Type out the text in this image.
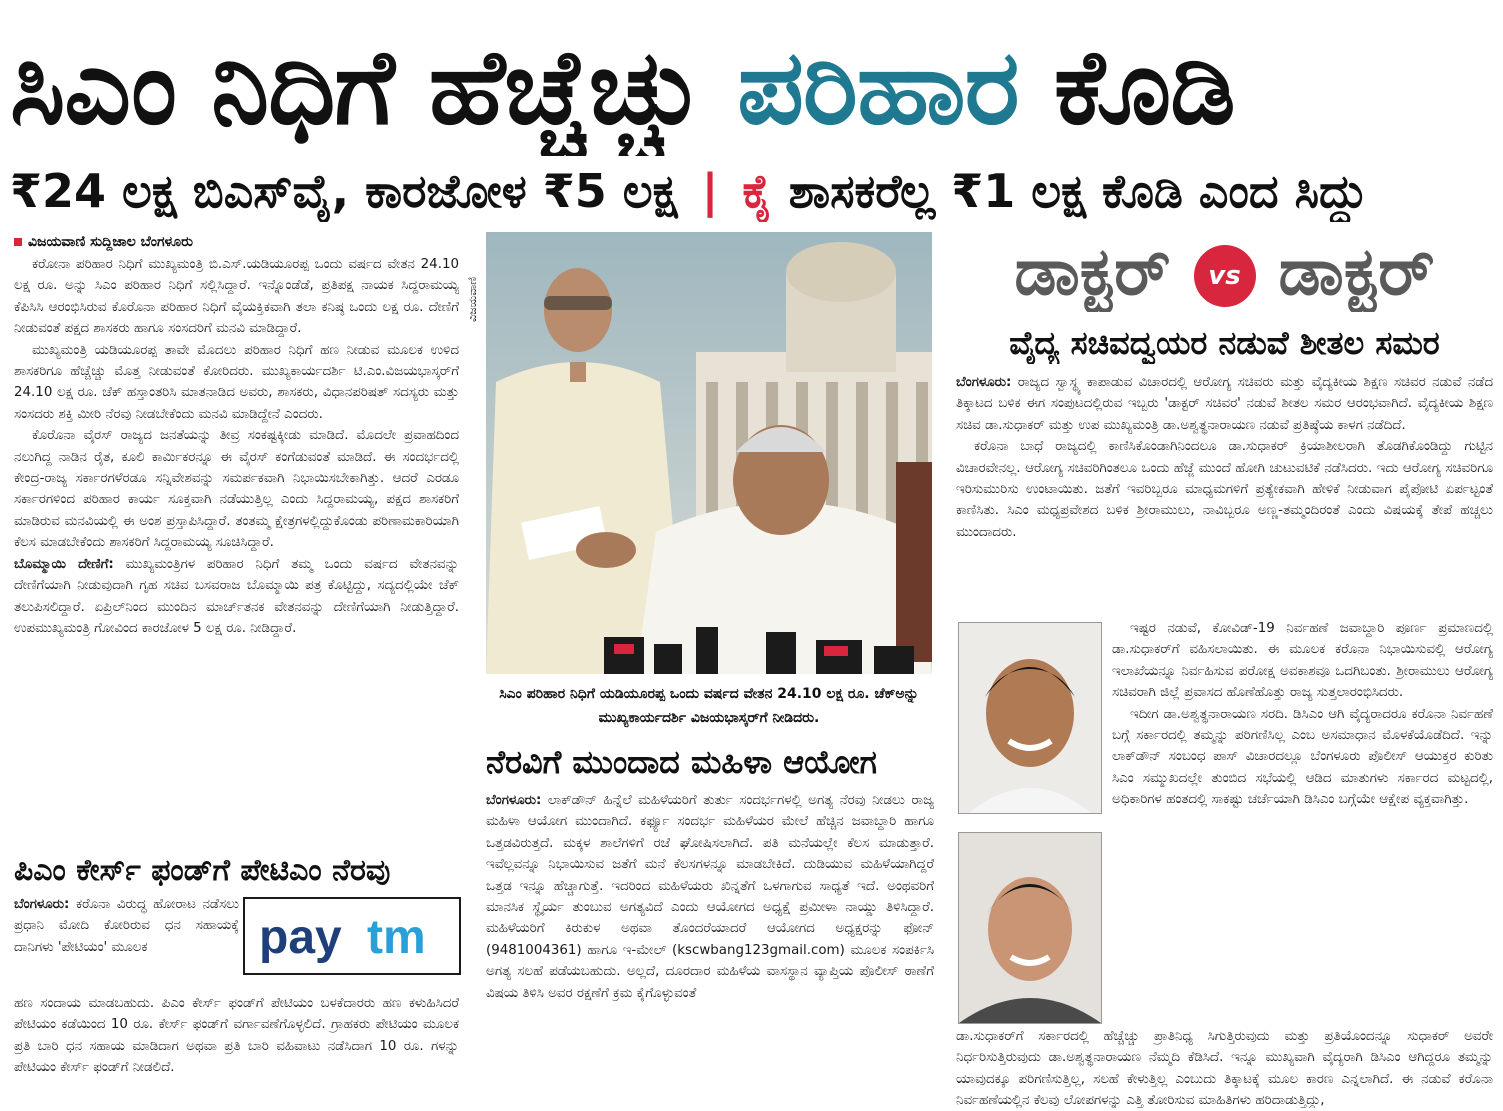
ಸಿಎಂ ನಿಧಿಗೆ ಹೆಚ್ಚೆಚ್ಚು ಪರಿಹಾರ ಕೊಡಿ
₹24 ಲಕ್ಷ ಬಿಎಸ್‌ವೈ, ಕಾರಜೋಳ ₹5 ಲಕ್ಷ | ಕೈ ಶಾಸಕರೆಲ್ಲ ₹1 ಲಕ್ಷ ಕೊಡಿ ಎಂದ ಸಿದ್ದು
ವಿಜಯವಾಣಿ ಸುದ್ದಿಜಾಲ ಬೆಂಗಳೂರು

ಕರೋನಾ ಪರಿಹಾರ ನಿಧಿಗೆ ಮುಖ್ಯಮಂತ್ರಿ ಬಿ.ಎಸ್.ಯಡಿಯೂರಪ್ಪ ಒಂದು ವರ್ಷದ ವೇತನ 24.10 ಲಕ್ಷ ರೂ. ಅನ್ನು ಸಿಎಂ ಪರಿಹಾರ ನಿಧಿಗೆ ಸಲ್ಲಿಸಿದ್ದಾರೆ. ಇನ್ನೊಂಡೆಡೆ, ಪ್ರತಿಪಕ್ಷ ನಾಯಕ ಸಿದ್ದರಾಮಯ್ಯ ಕೆಪಿಸಿಸಿ ಆರಂಭಿಸಿರುವ ಕೊರೊನಾ ಪರಿಹಾರ ನಿಧಿಗೆ ವೈಯಕ್ತಿಕವಾಗಿ ತಲಾ ಕನಿಷ್ಠ ಒಂದು ಲಕ್ಷ ರೂ. ದೇಣಿಗೆ ನೀಡುವಂತೆ ಪಕ್ಷದ ಶಾಸಕರು ಹಾಗೂ ಸಂಸದರಿಗೆ ಮನವಿ ಮಾಡಿದ್ದಾರೆ.

ಮುಖ್ಯಮಂತ್ರಿ ಯಡಿಯೂರಪ್ಪ ತಾವೇ ಮೊದಲು ಪರಿಹಾರ ನಿಧಿಗೆ ಹಣ ನೀಡುವ ಮೂಲಕ ಉಳಿದ ಶಾಸಕರಿಗೂ ಹೆಚ್ಚೆಚ್ಚು ಮೊತ್ತ ನೀಡುವಂತೆ ಕೋರಿದರು. ಮುಖ್ಯಕಾರ್ಯದರ್ಶಿ ಟಿ.ಎಂ.ವಿಜಯಭಾಸ್ಕರ್‌ಗೆ 24.10 ಲಕ್ಷ ರೂ. ಚೆಕ್ ಹಸ್ತಾಂತರಿಸಿ ಮಾತನಾಡಿದ ಅವರು, ಶಾಸಕರು, ವಿಧಾನಪರಿಷತ್ ಸದಸ್ಯರು ಮತ್ತು ಸಂಸದರು ಶಕ್ತಿ ಮೀರಿ ನೆರವು ನೀಡಬೇಕೆಂದು ಮನವಿ ಮಾಡಿದ್ದೇನೆ ಎಂದರು.

ಕೊರೊನಾ ವೈರಸ್ ರಾಜ್ಯದ ಜನತೆಯನ್ನು ತೀವ್ರ ಸಂಕಷ್ಟಕ್ಕೀಡು ಮಾಡಿದೆ. ಮೊದಲೇ ಪ್ರವಾಹದಿಂದ ನಲುಗಿದ್ದ ನಾಡಿನ ರೈತ, ಕೂಲಿ ಕಾರ್ಮಿಕರನ್ನೂ ಈ ವೈರಸ್ ಕಂಗೆಡುವಂತೆ ಮಾಡಿದೆ. ಈ ಸಂದರ್ಭದಲ್ಲಿ ಕೇಂದ್ರ-ರಾಜ್ಯ ಸರ್ಕಾರಗಳೆರಡೂ ಸನ್ನಿವೇಶವನ್ನು ಸಮರ್ಪಕವಾಗಿ ನಿಭಾಯಿಸಬೇಕಾಗಿತ್ತು. ಆದರೆ ಎರಡೂ ಸರ್ಕಾರಗಳಿಂದ ಪರಿಹಾರ ಕಾರ್ಯ ಸೂಕ್ತವಾಗಿ ನಡೆಯುತ್ತಿಲ್ಲ ಎಂದು ಸಿದ್ದರಾಮಯ್ಯ, ಪಕ್ಷದ ಶಾಸಕರಿಗೆ ಮಾಡಿರುವ ಮನವಿಯಲ್ಲಿ ಈ ಅಂಶ ಪ್ರಸ್ತಾಪಿಸಿದ್ದಾರೆ. ತಂತಮ್ಮ ಕ್ಷೇತ್ರಗಳಲ್ಲಿದ್ದುಕೊಂಡು ಪರಿಣಾಮಕಾರಿಯಾಗಿ ಕೆಲಸ ಮಾಡಬೇಕೆಂದು ಶಾಸಕರಿಗೆ ಸಿದ್ದರಾಮಯ್ಯ ಸೂಚಿಸಿದ್ದಾರೆ.

ಬೊಮ್ಮಾಯಿ ದೇಣಿಗೆ: ಮುಖ್ಯಮಂತ್ರಿಗಳ ಪರಿಹಾರ ನಿಧಿಗೆ ತಮ್ಮ ಒಂದು ವರ್ಷದ ವೇತನವನ್ನು ದೇಣಿಗೆಯಾಗಿ ನೀಡುವುದಾಗಿ ಗೃಹ ಸಚಿವ ಬಸವರಾಜ ಬೊಮ್ಮಾಯಿ ಪತ್ರ ಕೊಟ್ಟಿದ್ದು, ಸದ್ಯದಲ್ಲಿಯೇ ಚೆಕ್ ತಲುಪಿಸಲಿದ್ದಾರೆ. ಏಪ್ರಿಲ್‌ನಿಂದ ಮುಂದಿನ ಮಾರ್ಚ್‌ತನಕ ವೇತನವನ್ನು ದೇಣಿಗೆಯಾಗಿ ನೀಡುತ್ತಿದ್ದಾರೆ. ಉಪಮುಖ್ಯಮಂತ್ರಿ ಗೋವಿಂದ ಕಾರಜೋಳ 5 ಲಕ್ಷ ರೂ. ನೀಡಿದ್ದಾರೆ.

ಪಿಎಂ ಕೇರ್ಸ್ ಫಂಡ್‌ಗೆ ಪೇಟಿಎಂ ನೆರವು

ಬೆಂಗಳೂರು: ಕರೊನಾ ವಿರುದ್ಧ ಹೋರಾಟ ನಡೆಸಲು ಪ್ರಧಾನಿ ಮೋದಿ ಕೋರಿರುವ ಧನ ಸಹಾಯಕ್ಕೆ ದಾನಿಗಳು 'ಪೇಟಿಯಂ' ಮೂಲಕ	pay tm

ಹಣ ಸಂದಾಯ ಮಾಡಬಹುದು. ಪಿಎಂ ಕೇರ್ಸ್ ಫಂಡ್‌ಗೆ ಪೇಟಿಯಂ ಬಳಕೆದಾರರು ಹಣ ಕಳುಹಿಸಿದರೆ ಪೇಟಿಯಂ ಕಡೆಯಿಂದ 10 ರೂ. ಕೇರ್ಸ್ ಫಂಡ್‌ಗೆ ವರ್ಗಾವಣೆಗೊಳ್ಳಲಿದೆ. ಗ್ರಾಹಕರು ಪೇಟಿಯಂ ಮೂಲಕ ಪ್ರತಿ ಬಾರಿ ಧನ ಸಹಾಯ ಮಾಡಿದಾಗ ಅಥವಾ ಪ್ರತಿ ಬಾರಿ ವಹಿವಾಟು ನಡೆಸಿದಾಗ 10 ರೂ. ಗಳನ್ನು ಪೇಟಿಯಂ ಕೇರ್ಸ್ ಫಂಡ್‌ಗೆ ನೀಡಲಿದೆ.

ವಿಜಯವಾಣಿ
ಸಿಎಂ ಪರಿಹಾರ ನಿಧಿಗೆ ಯಡಿಯೂರಪ್ಪ ಒಂದು ವರ್ಷದ ವೇತನ 24.10 ಲಕ್ಷ ರೂ. ಚೆಕ್‌ಅನ್ನು ಮುಖ್ಯಕಾರ್ಯದರ್ಶಿ ವಿಜಯಭಾಸ್ಕರ್‌ಗೆ ನೀಡಿದರು.
ನೆರವಿಗೆ ಮುಂದಾದ ಮಹಿಳಾ ಆಯೋಗ

ಬೆಂಗಳೂರು: ಲಾಕ್‌ಡೌನ್ ಹಿನ್ನೆಲೆ ಮಹಿಳೆಯರಿಗೆ ತುರ್ತು ಸಂದರ್ಭಗಳಲ್ಲಿ ಅಗತ್ಯ ನೆರವು ನೀಡಲು ರಾಜ್ಯ ಮಹಿಳಾ ಆಯೋಗ ಮುಂದಾಗಿದೆ. ಕರ್ಫ್ಯೂ ಸಂದರ್ಭ ಮಹಿಳೆಯರ ಮೇಲೆ ಹೆಚ್ಚಿನ ಜವಾಬ್ದಾರಿ ಹಾಗೂ ಒತ್ತಡವಿರುತ್ತದೆ. ಮಕ್ಕಳ ಶಾಲೆಗಳಿಗೆ ರಜೆ ಘೋಷಿಸಲಾಗಿದೆ. ಪತಿ ಮನೆಯಲ್ಲೇ ಕೆಲಸ ಮಾಡುತ್ತಾರೆ. ಇವೆಲ್ಲವನ್ನೂ ನಿಭಾಯಿಸುವ ಜತೆಗೆ ಮನೆ ಕೆಲಸಗಳನ್ನೂ ಮಾಡಬೇಕಿದೆ. ದುಡಿಯುವ ಮಹಿಳೆಯಾಗಿದ್ದರೆ ಒತ್ತಡ ಇನ್ನೂ ಹೆಚ್ಚಾಗುತ್ತೆ. ಇದರಿಂದ ಮಹಿಳೆಯರು ಖಿನ್ನತೆಗೆ ಒಳಗಾಗುವ ಸಾಧ್ಯತೆ ಇದೆ. ಅಂಥವರಿಗೆ ಮಾನಸಿಕ ಸ್ಥೈರ್ಯ ತುಂಬುವ ಅಗತ್ಯವಿದೆ ಎಂದು ಆಯೋಗದ ಅಧ್ಯಕ್ಷೆ ಪ್ರಮೀಳಾ ನಾಯ್ಡು ತಿಳಿಸಿದ್ದಾರೆ. ಮಹಿಳೆಯರಿಗೆ ಕಿರುಕುಳ ಅಥವಾ ತೊಂದರೆಯಾದರೆ ಆಯೋಗದ ಅಧ್ಯಕ್ಷರನ್ನು ಫೋನ್ (9481004361) ಹಾಗೂ ಇ-ಮೇಲ್ (kscwbang123gmail.com) ಮೂಲಕ ಸಂಪರ್ಕಿಸಿ ಅಗತ್ಯ ಸಲಹೆ ಪಡೆಯಬಹುದು. ಅಲ್ಲದೆ, ದೂರದಾರ ಮಹಿಳೆಯ ವಾಸಸ್ಥಾನ ವ್ಯಾಪ್ತಿಯ ಪೊಲೀಸ್ ಠಾಣೆಗೆ ವಿಷಯ ತಿಳಿಸಿ ಅವರ ರಕ್ಷಣೆಗೆ ಕ್ರಮ ಕೈಗೊಳ್ಳುವಂತೆ

ಡಾಕ್ಟರ್ vs ಡಾಕ್ಟರ್
ವೈದ್ಯ ಸಚಿವದ್ವಯರ ನಡುವೆ ಶೀತಲ ಸಮರ

ಬೆಂಗಳೂರು: ರಾಜ್ಯದ ಸ್ವಾಸ್ಥ್ಯ ಕಾಪಾಡುವ ವಿಚಾರದಲ್ಲಿ ಆರೋಗ್ಯ ಸಚಿವರು ಮತ್ತು ವೈದ್ಯಕೀಯ ಶಿಕ್ಷಣ ಸಚಿವರ ನಡುವೆ ನಡೆದ ತಿಕ್ಕಾಟದ ಬಳಿಕ ಈಗ ಸಂಪುಟದಲ್ಲಿರುವ ಇಬ್ಬರು 'ಡಾಕ್ಟರ್ ಸಚಿವರ' ನಡುವೆ ಶೀತಲ ಸಮರ ಆರಂಭವಾಗಿದೆ. ವೈದ್ಯಕೀಯ ಶಿಕ್ಷಣ ಸಚಿವ ಡಾ.ಸುಧಾಕರ್ ಮತ್ತು ಉಪ ಮುಖ್ಯಮಂತ್ರಿ ಡಾ.ಅಶ್ವತ್ಥನಾರಾಯಣ ನಡುವೆ ಪ್ರತಿಷ್ಠೆಯ ಕಾಳಗ ನಡೆದಿದೆ.

ಕರೊನಾ ಬಾಧೆ ರಾಜ್ಯದಲ್ಲಿ ಕಾಣಿಸಿಕೊಂಡಾಗಿನಿಂದಲೂ ಡಾ.ಸುಧಾಕರ್ ಕ್ರಿಯಾಶೀಲರಾಗಿ ತೊಡಗಿಕೊಂಡಿದ್ದು ಗುಟ್ಟಿನ ವಿಚಾರವೇನಲ್ಲ. ಆರೋಗ್ಯ ಸಚಿವರಿಗಿಂತಲೂ ಒಂದು ಹೆಜ್ಜೆ ಮುಂದೆ ಹೋಗಿ ಚುಟುವಟಿಕೆ ನಡೆಸಿದರು. ಇದು ಆರೋಗ್ಯ ಸಚಿವರಿಗೂ ಇರಿಸುಮುರಿಸು ಉಂಟಾಯಿತು. ಜತೆಗೆ ಇವರಿಬ್ಬರೂ ಮಾಧ್ಯಮಗಳಿಗೆ ಪ್ರತ್ಯೇಕವಾಗಿ ಹೇಳಿಕೆ ನೀಡುವಾಗ ಪೈಪೋಟಿ ಏರ್ಪಟ್ಟಂತೆ ಕಾಣಿಸಿತು. ಸಿಎಂ ಮಧ್ಯಪ್ರವೇಶದ ಬಳಿಕ ಶ್ರೀರಾಮುಲು, ನಾವಿಬ್ಬರೂ ಅಣ್ಣ-ತಮ್ಮಂದಿರಂತೆ ಎಂದು ವಿಷಯಕ್ಕೆ ತೇಪೆ ಹಚ್ಚಲು ಮುಂದಾದರು.

ಇಷ್ಟರ ನಡುವೆ, ಕೋವಿಡ್-19 ನಿರ್ವಹಣೆ ಜವಾಬ್ದಾರಿ ಪೂರ್ಣ ಪ್ರಮಾಣದಲ್ಲಿ ಡಾ.ಸುಧಾಕರ್‌ಗೆ ವಹಿಸಲಾಯಿತು. ಈ ಮೂಲಕ ಕರೊನಾ ನಿಭಾಯಿಸುವಲ್ಲಿ ಆರೋಗ್ಯ ಇಲಾಖೆಯನ್ನೂ ನಿರ್ವಹಿಸುವ ಪರೋಕ್ಷ ಅವಕಾಶವೂ ಒದಗಿಬಂತು. ಶ್ರೀರಾಮುಲು ಆರೋಗ್ಯ ಸಚಿವರಾಗಿ ಜಿಲ್ಲೆ ಪ್ರವಾಸದ ಹೊಣೆಹೊತ್ತು ರಾಜ್ಯ ಸುತ್ತಲಾರಂಭಿಸಿದರು.

ಇದೀಗ ಡಾ.ಅಶ್ವತ್ಥನಾರಾಯಣ ಸರದಿ. ಡಿಸಿಎಂ ಆಗಿ ವೈದ್ಯರಾದರೂ ಕರೊನಾ ನಿರ್ವಹಣೆ ಬಗ್ಗೆ ಸರ್ಕಾರದಲ್ಲಿ ತಮ್ಮನ್ನು ಪರಿಗಣಿಸಿಲ್ಲ ಎಂಬ ಅಸಮಾಧಾನ ಮೊಳಕೆಯೊಡೆದಿದೆ. ಇನ್ನು ಲಾಕ್‌ಡೌನ್ ಸಂಬಂಧ ಪಾಸ್ ವಿಚಾರದಲ್ಲೂ ಬೆಂಗಳೂರು ಪೊಲೀಸ್ ಆಯುಕ್ತರ ಕುರಿತು ಸಿಎಂ ಸಮ್ಮುಖದಲ್ಲೇ ತುಂಬಿದ ಸಭೆಯಲ್ಲಿ ಆಡಿದ ಮಾತುಗಳು ಸರ್ಕಾರದ ಮಟ್ಟದಲ್ಲಿ, ಅಧಿಕಾರಿಗಳ ಹಂತದಲ್ಲಿ ಸಾಕಷ್ಟು ಚರ್ಚೆಯಾಗಿ ಡಿಸಿಎಂ ಬಗ್ಗೆಯೇ ಆಕ್ಷೇಪ ವ್ಯಕ್ತವಾಗಿತ್ತು.

ಡಾ.ಸುಧಾಕರ್‌ಗೆ ಸರ್ಕಾರದಲ್ಲಿ ಹೆಚ್ಚೆಚ್ಚು ಪ್ರಾತಿನಿಧ್ಯ ಸಿಗುತ್ತಿರುವುದು ಮತ್ತು ಪ್ರತಿಯೊಂದನ್ನೂ ಸುಧಾಕರ್ ಅವರೇ ನಿರ್ಧರಿಸುತ್ತಿರುವುದು ಡಾ.ಅಶ್ವತ್ಥನಾರಾಯಣ ನೆಮ್ಮದಿ ಕೆಡಿಸಿದೆ. ಇನ್ನೂ ಮುಖ್ಯವಾಗಿ ವೈದ್ಯರಾಗಿ ಡಿಸಿಎಂ ಆಗಿದ್ದರೂ ತಮ್ಮನ್ನು ಯಾವುದಕ್ಕೂ ಪರಿಗಣಿಸುತ್ತಿಲ್ಲ, ಸಲಹೆ ಕೇಳುತ್ತಿಲ್ಲ ಎಂಬುದು ತಿಕ್ಕಾಟಕ್ಕೆ ಮೂಲ ಕಾರಣ ಎನ್ನಲಾಗಿದೆ. ಈ ನಡುವೆ ಕರೊನಾ ನಿರ್ವಹಣೆಯಲ್ಲಿನ ಕೆಲವು ಲೋಪಗಳನ್ನು ಎತ್ತಿ ತೋರಿಸುವ ಮಾಹಿತಿಗಳು ಹರಿದಾಡುತ್ತಿದ್ದು,
